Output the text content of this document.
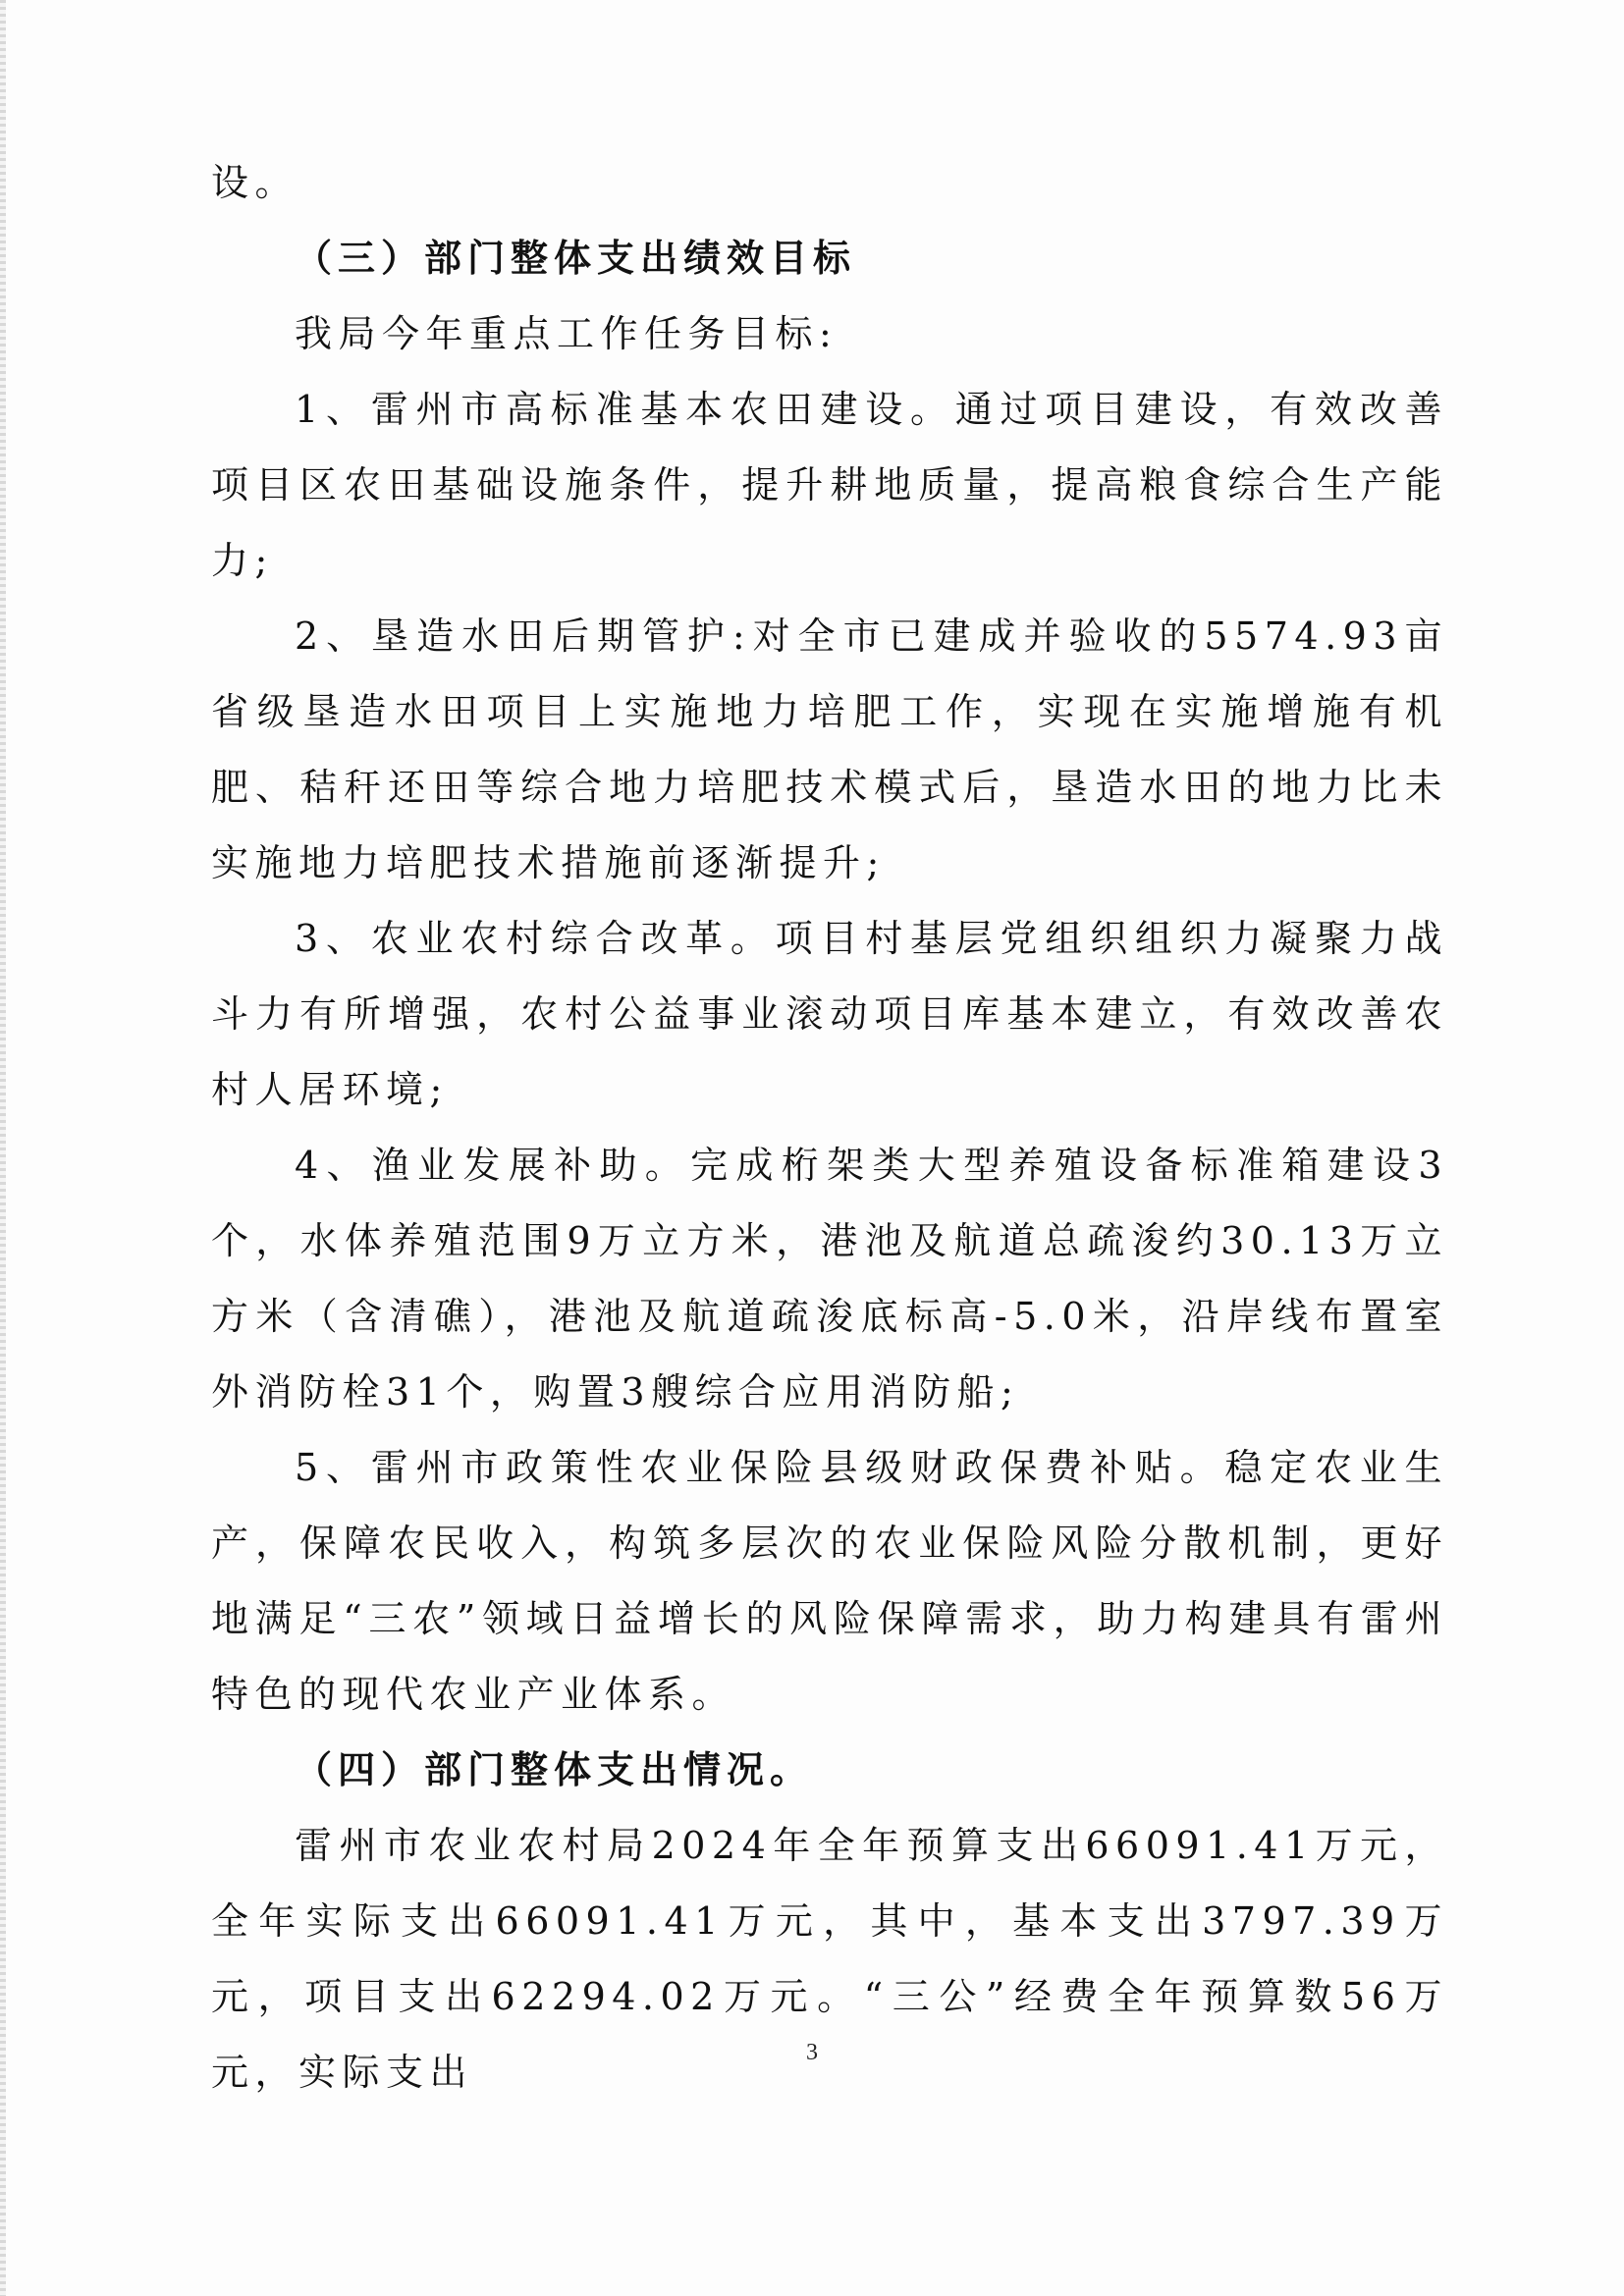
设。

（三）部门整体支出绩效目标

我局今年重点工作任务目标:

1、雷州市高标准基本农田建设。通过项目建设，有效改善项目区农田基础设施条件，提升耕地质量，提高粮食综合生产能力;

2、垦造水田后期管护:对全市已建成并验收的5574.93亩省级垦造水田项目上实施地力培肥工作，实现在实施增施有机肥、秸秆还田等综合地力培肥技术模式后，垦造水田的地力比未实施地力培肥技术措施前逐渐提升;

3、农业农村综合改革。项目村基层党组织组织力凝聚力战斗力有所增强，农村公益事业滚动项目库基本建立，有效改善农村人居环境;

4、渔业发展补助。完成桁架类大型养殖设备标准箱建设3个，水体养殖范围9万立方米，港池及航道总疏浚约30.13万立方米（含清礁），港池及航道疏浚底标高-5.0米，沿岸线布置室外消防栓31个，购置3艘综合应用消防船;

5、雷州市政策性农业保险县级财政保费补贴。稳定农业生产，保障农民收入，构筑多层次的农业保险风险分散机制，更好地满足“三农”领域日益增长的风险保障需求，助力构建具有雷州特色的现代农业产业体系。

（四）部门整体支出情况。

雷州市农业农村局2024年全年预算支出66091.41万元，全年实际支出66091.41万元，其中，基本支出3797.39万元，项目支出62294.02万元。“三公”经费全年预算数56万元，实际支出	3
